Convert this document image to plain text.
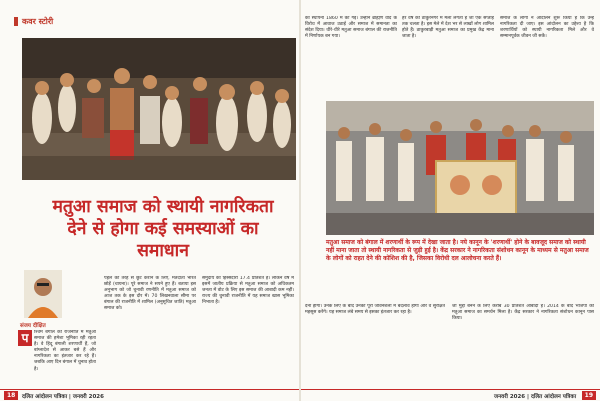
कवर स्टोरी
मतुआ समाज को स्थायी नागरिकता देने से होगा कई समस्याओं का समाधान
संजय दीक्षित
प	श्चिम बंगाल की राजनीति में मतुआ समाज की हमेशा भूमिका रही रहता है। वे हिंदू बंगाली शरणार्थी हैं, जो बांग्लादेश से आकर बसे हैं और नागरिकता का इंतजार कर रहे हैं। जबकि आए दिन बंगाल में चुनाव होता है।
पहले की तरह से छूट कराने के लिए, मतदाता भारत छोड़ें (चायना)। पूरे समाज ने सपने हुए हैं। बताया इस अनुभाग को जो चुनावी रणनीति में मतुआ समाज को आज तक के इस दौर में। 70 लिखनवाला सीमा पर बंगाल की राजनीति में शामिल (अनुसूचित जाति) मतुआ समाज को।
समुदाय की हिस्सेदारी 17.4 प्रतिशत है। लेकिन वर्ष में इसमें जातीय प्रक्रिया से मतुआ समाज को अधिकतम जनता में वोट के लिए इस समाज की आबादी कम नहीं। राज्य की चुनावी राजनीति में यह समाज खास भूमिका निभाता है।
की स्थापना 1860 में की गई। उन्होंने ब्राह्मण वाद के विरोध में आवाज उठाई और समाज में समानता का संदेश दिया। धीरे-धीरे मतुआ समाज बंगाल की राजनीति में निर्णायक बन गया।
हर वर्ष की ठाकुरनगर में मेला लगता है जो एक सप्ताह तक चलता है। इस मेले में देश भर से लाखों लोग शामिल होते हैं। ठाकुरबाड़ी मतुआ समाज का प्रमुख केंद्र माना जाता है।
समाज के लोगों ने आंदोलन शुरू किया है कि उन्हें नागरिकता दी जाए। इस आंदोलन का उद्देश्य है कि शरणार्थियों को स्थायी नागरिकता मिले और वे सम्मानपूर्वक जीवन जी सकें।
मतुआ समाज को बंगाल में शरणार्थी के रूप में देखा जाता है। नये कानून के 'शरणार्थी' होने के बावजूद समाज को स्थायी नहीं माना जाता तो स्थायी नागरिकता से जुड़ी हुई है। केंद्र सरकार ने नागरिकता संशोधन कानून के माध्यम से मतुआ समाज के लोगों को राहत देने की कोशिश की है, जिसका विरोधी दल आलोचना करते हैं।
देना होगा। उनके लिए के बाद उनकी पूरी जीवनशैली में बदलाव होगा और वे सुरक्षित महसूस करेंगे। यह समाज लंबे समय से इसका इंतजार कर रहा है।
जी मुद्दा बनने के लिए करीब 30 प्रतिशत आबादी है। 2014 के बाद भाजपा को मतुआ समाज का समर्थन मिला है। केंद्र सरकार ने नागरिकता संशोधन कानून पास किया।
18	दलित आंदोलन पत्रिका | जनवरी 2026	जनवरी 2026 | दलित आंदोलन पत्रिका	19
